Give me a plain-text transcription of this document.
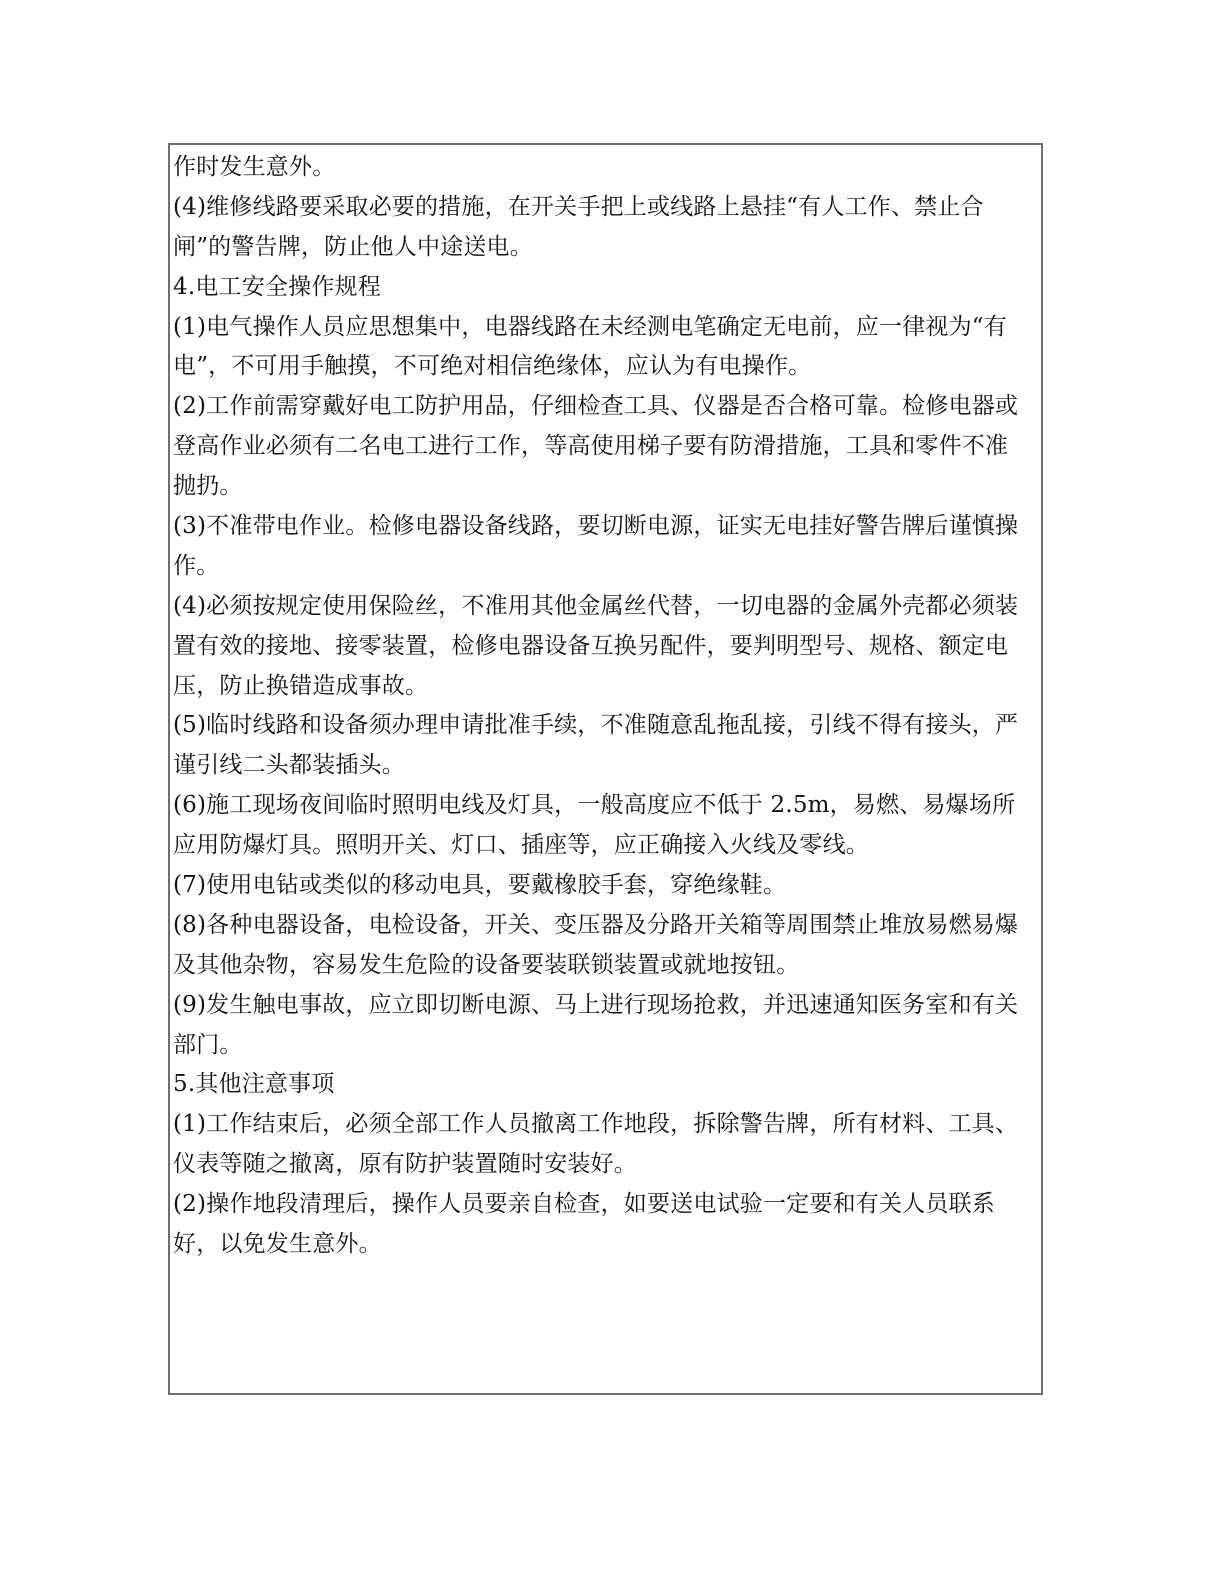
作时发生意外。
(4)维修线路要采取必要的措施，在开关手把上或线路上悬挂“有人工作、禁止合
闸”的警告牌，防止他人中途送电。
4.电工安全操作规程
(1)电气操作人员应思想集中，电器线路在未经测电笔确定无电前，应一律视为“有
电”，不可用手触摸，不可绝对相信绝缘体，应认为有电操作。
(2)工作前需穿戴好电工防护用品，仔细检查工具、仪器是否合格可靠。检修电器或
登高作业必须有二名电工进行工作，等高使用梯子要有防滑措施，工具和零件不准
抛扔。
(3)不准带电作业。检修电器设备线路，要切断电源，证实无电挂好警告牌后谨慎操
作。
(4)必须按规定使用保险丝，不准用其他金属丝代替，一切电器的金属外壳都必须装
置有效的接地、接零装置，检修电器设备互换另配件，要判明型号、规格、额定电
压，防止换错造成事故。
(5)临时线路和设备须办理申请批准手续，不准随意乱拖乱接，引线不得有接头，严
谨引线二头都装插头。
(6)施工现场夜间临时照明电线及灯具，一般高度应不低于 2.5m，易燃、易爆场所
应用防爆灯具。照明开关、灯口、插座等，应正确接入火线及零线。
(7)使用电钻或类似的移动电具，要戴橡胶手套，穿绝缘鞋。
(8)各种电器设备，电检设备，开关、变压器及分路开关箱等周围禁止堆放易燃易爆
及其他杂物，容易发生危险的设备要装联锁装置或就地按钮。
(9)发生触电事故，应立即切断电源、马上进行现场抢救，并迅速通知医务室和有关
部门。
5.其他注意事项
(1)工作结束后，必须全部工作人员撤离工作地段，拆除警告牌，所有材料、工具、
仪表等随之撤离，原有防护装置随时安装好。
(2)操作地段清理后，操作人员要亲自检查，如要送电试验一定要和有关人员联系
好，以免发生意外。
